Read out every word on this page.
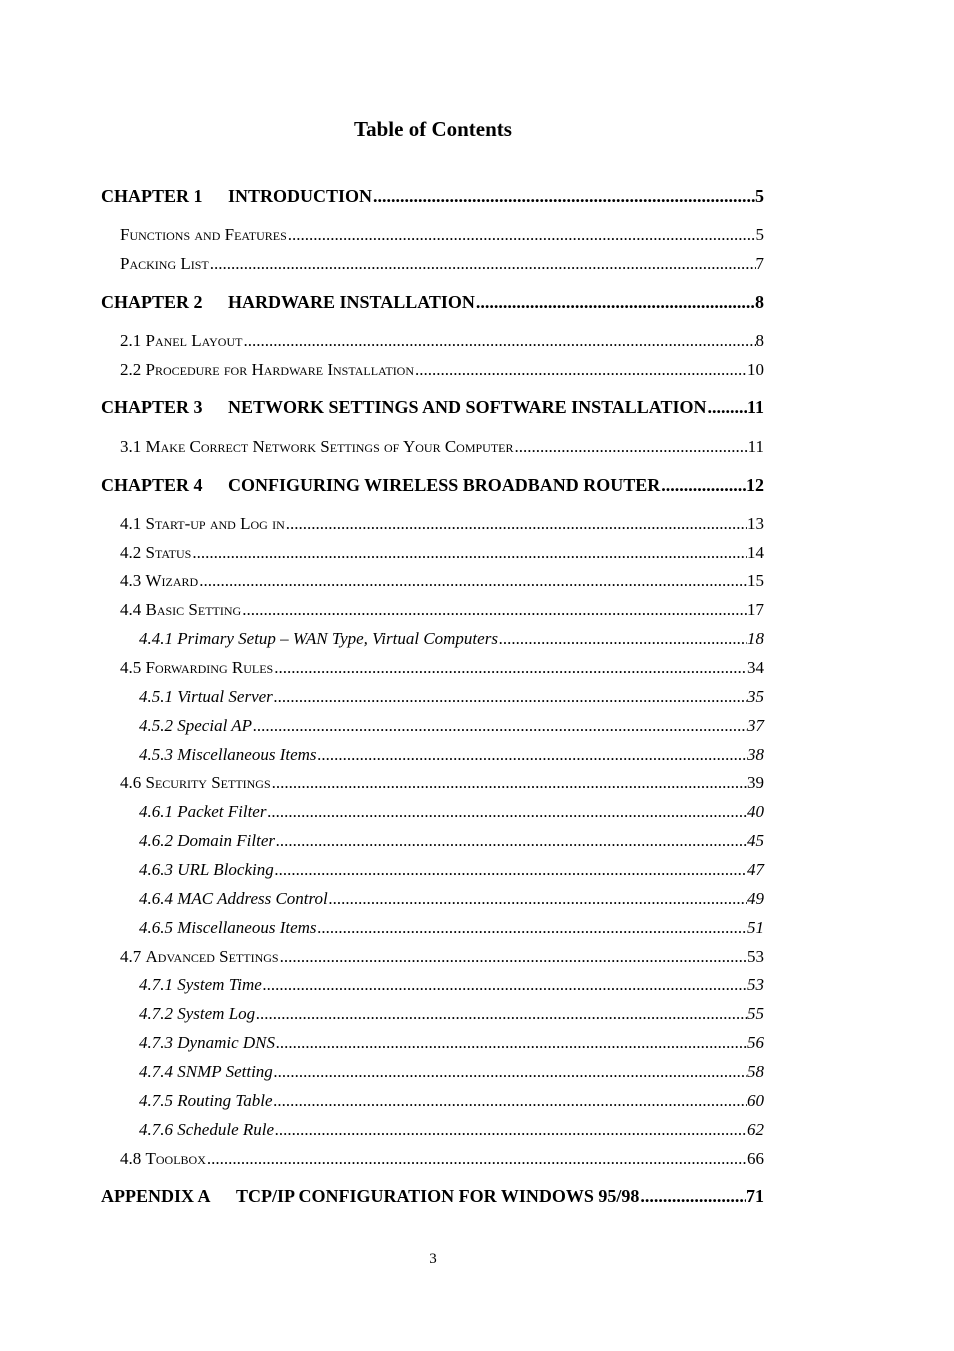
Table of Contents
CHAPTER 1 INTRODUCTION .....	5
Functions and Features .....	5
Packing List .....	7
CHAPTER 2 HARDWARE INSTALLATION .....	8
2.1 Panel Layout .....	8
2.2 Procedure for Hardware Installation .....	10
CHAPTER 3 NETWORK SETTINGS AND SOFTWARE INSTALLATION ..... 11
3.1 Make Correct Network Settings of Your Computer .....	11
CHAPTER 4 CONFIGURING WIRELESS BROADBAND ROUTER .....	12
4.1 Start-up and Log in .....	13
4.2 Status .....	14
4.3 Wizard .....	15
4.4 Basic Setting .....	17
4.4.1 Primary Setup – WAN Type, Virtual Computers .....	18
4.5 Forwarding Rules .....	34
4.5.1 Virtual Server .....	35
4.5.2 Special AP .....	37
4.5.3 Miscellaneous Items .....	38
4.6 Security Settings .....	39
4.6.1 Packet Filter .....	40
4.6.2 Domain Filter .....	45
4.6.3 URL Blocking .....	47
4.6.4 MAC Address Control .....	49
4.6.5 Miscellaneous Items .....	51
4.7 Advanced Settings .....	53
4.7.1 System Time .....	53
4.7.2 System Log .....	55
4.7.3 Dynamic DNS .....	56
4.7.4 SNMP Setting .....	58
4.7.5 Routing Table .....	60
4.7.6 Schedule Rule .....	62
4.8 Toolbox .....	66
APPENDIX A TCP/IP CONFIGURATION FOR WINDOWS 95/98 .....	71
3
